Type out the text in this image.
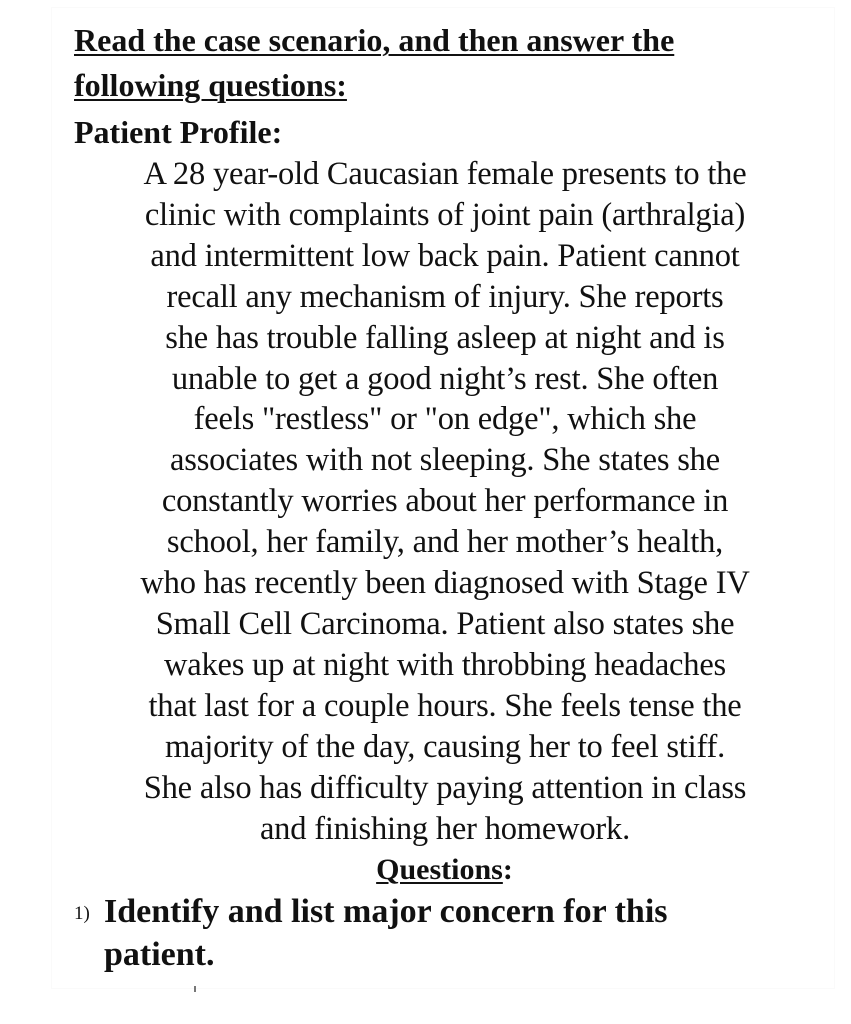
Read the case scenario, and then answer the
following questions:
Patient Profile:

A 28 year-old Caucasian female presents to the
clinic with complaints of joint pain (arthralgia)
and intermittent low back pain. Patient cannot
recall any mechanism of injury. She reports
she has trouble falling asleep at night and is
unable to get a good night’s rest. She often
feels "restless" or "on edge", which she
associates with not sleeping. She states she
constantly worries about her performance in
school, her family, and her mother’s health,
who has recently been diagnosed with Stage IV
Small Cell Carcinoma. Patient also states she
wakes up at night with throbbing headaches
that last for a couple hours. She feels tense the
majority of the day, causing her to feel stiff.
She also has difficulty paying attention in class
and finishing her homework.

Questions:
1) Identify and list major concern for this
patient.
